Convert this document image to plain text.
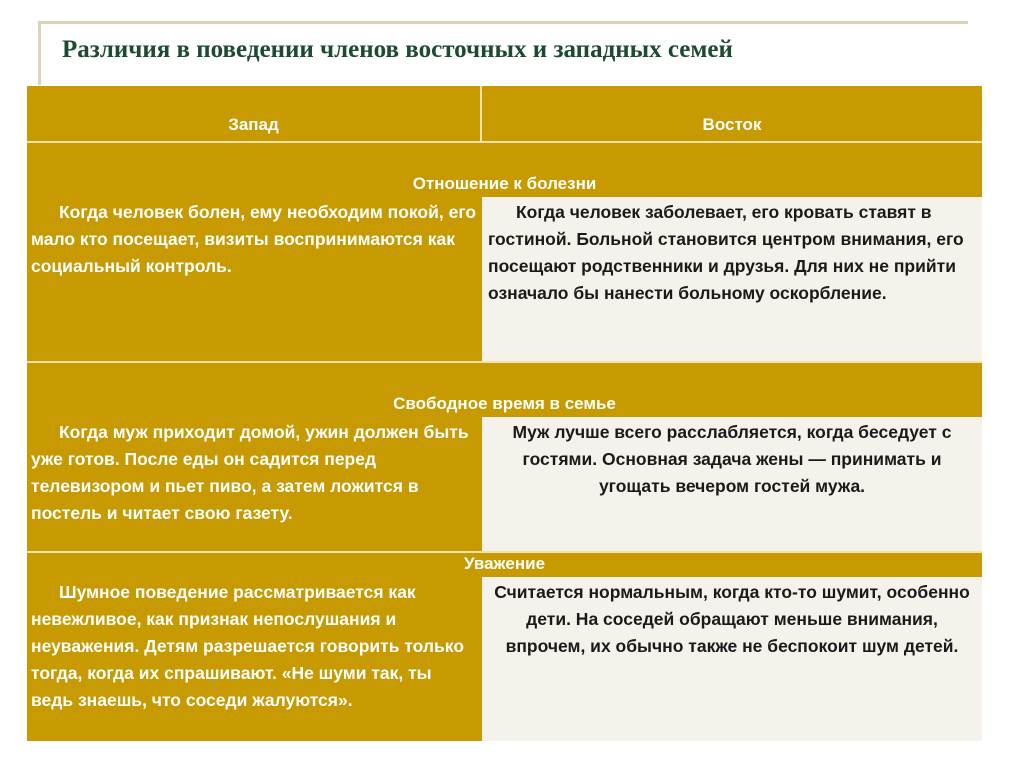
Различия в поведении членов восточных и западных семей
Запад	Восток
Отношение к болезни
Когда человек болен, ему необходим покой, его мало кто посещает, визиты воспринимаются как социальный контроль.
Когда человек заболевает, его кровать ставят в гостиной. Больной становится центром внимания, его посещают родственники и друзья. Для них не прийти означало бы нанести больному оскорбление.
Свободное время в семье
Когда муж приходит домой, ужин должен быть уже готов. После еды он садится перед телевизором и пьет пиво, а затем ложится в постель и читает свою газету.
Муж лучше всего расслабляется, когда беседует с гостями. Основная задача жены — принимать и угощать вечером гостей мужа.
Уважение
Шумное поведение рассматривается как невежливое, как признак непослушания и неуважения. Детям разрешается говорить только тогда, когда их спрашивают. «Не шуми так, ты ведь знаешь, что соседи жалуются».
Считается нормальным, когда кто-то шумит, особенно дети. На соседей обращают меньше внимания, впрочем, их обычно также не беспокоит шум детей.
